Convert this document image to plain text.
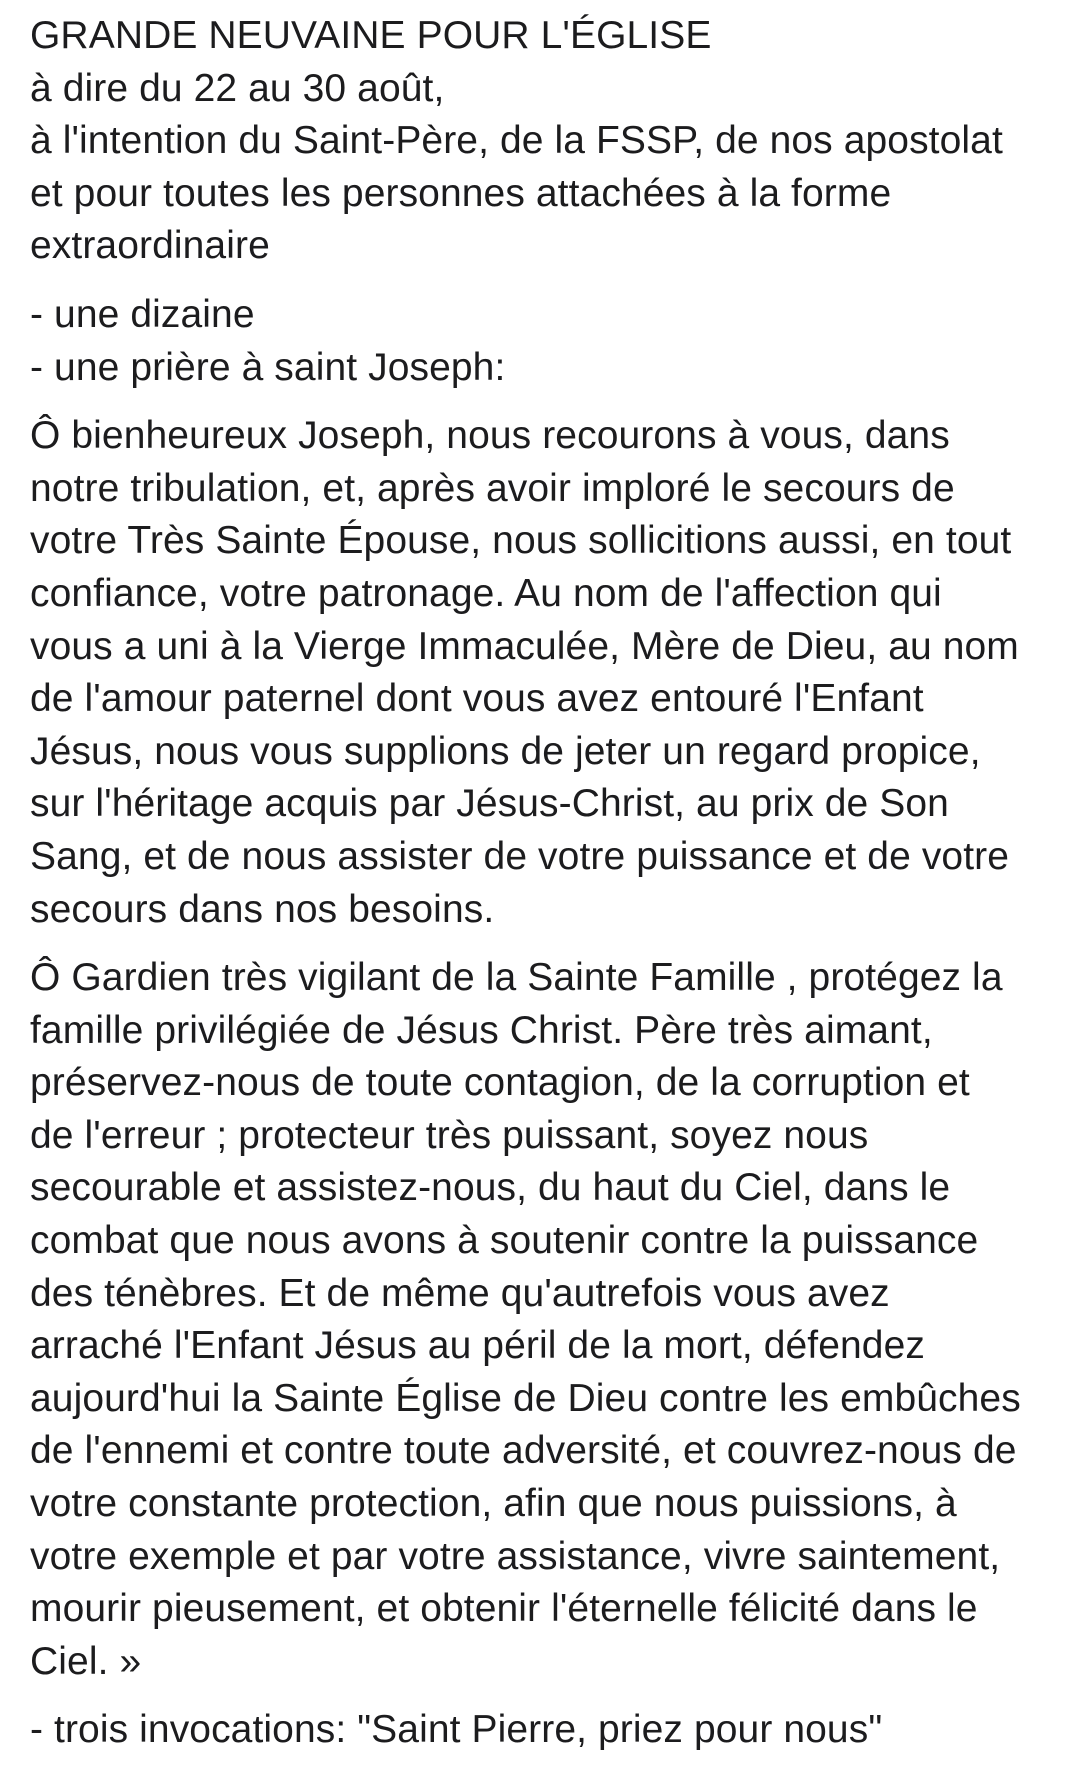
GRANDE NEUVAINE POUR L'ÉGLISE
à dire du 22 au 30 août,
à l'intention du Saint-Père, de la FSSP, de nos apostolat
et pour toutes les personnes attachées à la forme
extraordinaire
- une dizaine
- une prière à saint Joseph:
Ô bienheureux Joseph, nous recourons à vous, dans
notre tribulation, et, après avoir imploré le secours de
votre Très Sainte Épouse, nous sollicitions aussi, en tout
confiance, votre patronage. Au nom de l'affection qui
vous a uni à la Vierge Immaculée, Mère de Dieu, au nom
de l'amour paternel dont vous avez entouré l'Enfant
Jésus, nous vous supplions de jeter un regard propice,
sur l'héritage acquis par Jésus-Christ, au prix de Son
Sang, et de nous assister de votre puissance et de votre
secours dans nos besoins.
Ô Gardien très vigilant de la Sainte Famille , protégez la
famille privilégiée de Jésus Christ. Père très aimant,
préservez-nous de toute contagion, de la corruption et
de l'erreur ; protecteur très puissant, soyez nous
secourable et assistez-nous, du haut du Ciel, dans le
combat que nous avons à soutenir contre la puissance
des ténèbres. Et de même qu'autrefois vous avez
arraché l'Enfant Jésus au péril de la mort, défendez
aujourd'hui la Sainte Église de Dieu contre les embûches
de l'ennemi et contre toute adversité, et couvrez-nous de
votre constante protection, afin que nous puissions, à
votre exemple et par votre assistance, vivre saintement,
mourir pieusement, et obtenir l'éternelle félicité dans le
Ciel. »
- trois invocations: "Saint Pierre, priez pour nous"
